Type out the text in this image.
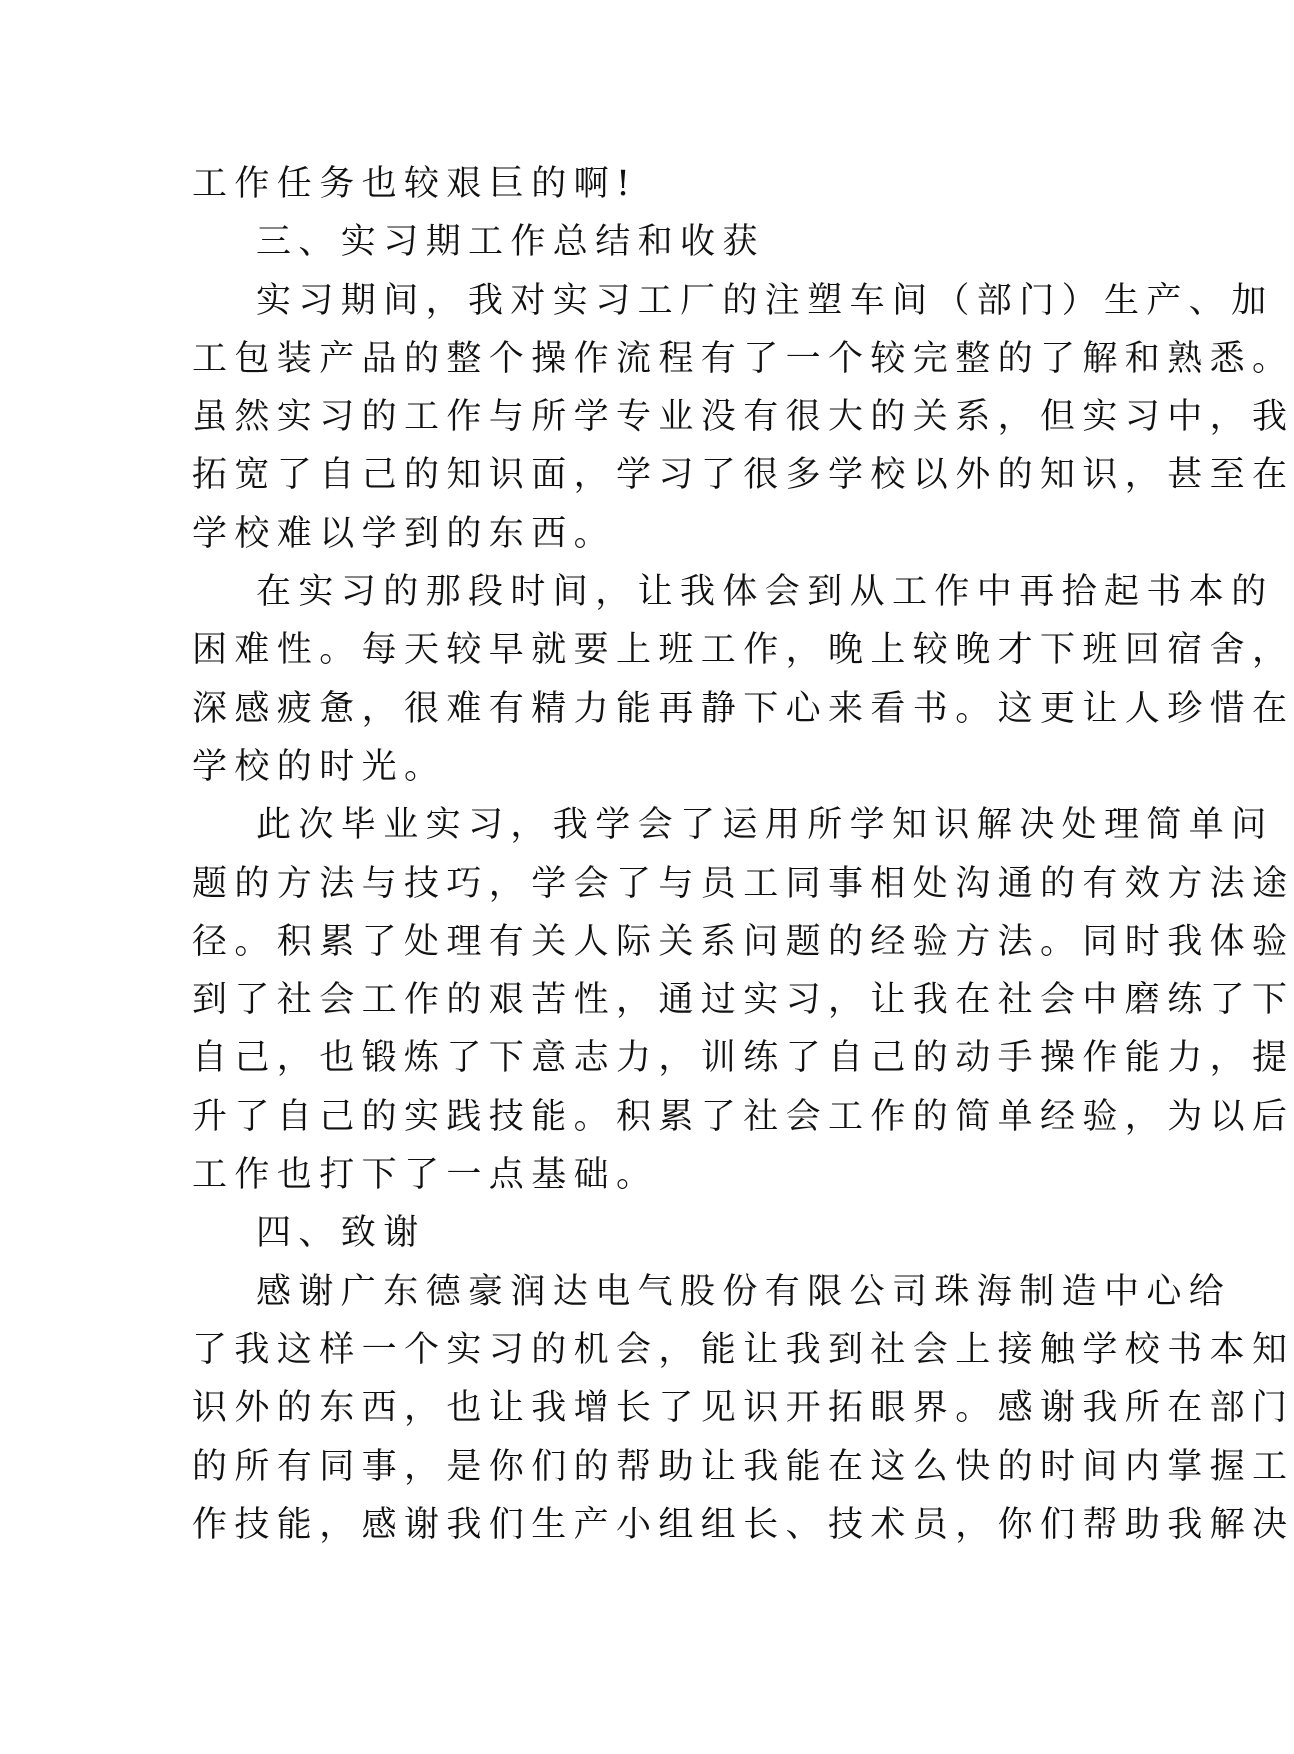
工作任务也较艰巨的啊!
三、实习期工作总结和收获
实习期间，我对实习工厂的注塑车间（部门）生产、加
工包装产品的整个操作流程有了一个较完整的了解和熟悉。
虽然实习的工作与所学专业没有很大的关系，但实习中，我
拓宽了自己的知识面，学习了很多学校以外的知识，甚至在
学校难以学到的东西。
在实习的那段时间，让我体会到从工作中再拾起书本的
困难性。每天较早就要上班工作，晚上较晚才下班回宿舍，
深感疲惫，很难有精力能再静下心来看书。这更让人珍惜在
学校的时光。
此次毕业实习，我学会了运用所学知识解决处理简单问
题的方法与技巧，学会了与员工同事相处沟通的有效方法途
径。积累了处理有关人际关系问题的经验方法。同时我体验
到了社会工作的艰苦性，通过实习，让我在社会中磨练了下
自己，也锻炼了下意志力，训练了自己的动手操作能力，提
升了自己的实践技能。积累了社会工作的简单经验，为以后
工作也打下了一点基础。
四、致谢
感谢广东德豪润达电气股份有限公司珠海制造中心给
了我这样一个实习的机会，能让我到社会上接触学校书本知
识外的东西，也让我增长了见识开拓眼界。感谢我所在部门
的所有同事，是你们的帮助让我能在这么快的时间内掌握工
作技能，感谢我们生产小组组长、技术员，你们帮助我解决
